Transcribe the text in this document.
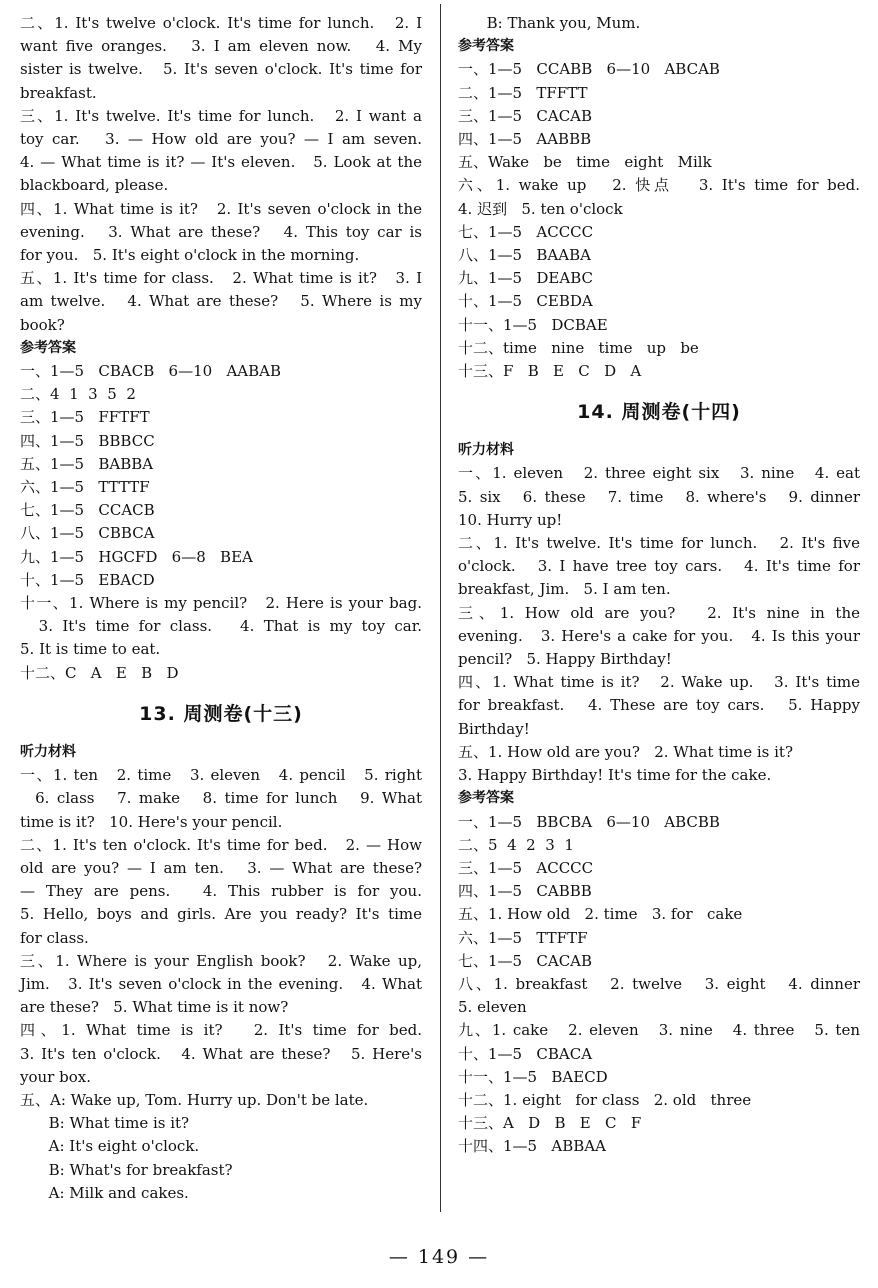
二、1. It's twelve o'clock. It's time for lunch.   2. I
want five oranges.   3. I am eleven now.   4. My
sister is twelve.   5. It's seven o'clock. It's time for
breakfast.
三、1. It's twelve. It's time for lunch.   2. I want a
toy car.   3. — How old are you? — I am seven.
4. — What time is it? — It's eleven.   5. Look at the
blackboard, please.
四、1. What time is it?   2. It's seven o'clock in the
evening.   3. What are these?   4. This toy car is
for you.   5. It's eight o'clock in the morning.
五、1. It's time for class.   2. What time is it?   3. I
am twelve.   4. What are these?   5. Where is my
book?
参考答案
一、1—5   CBACB   6—10   AABAB
二、4  1  3  5  2
三、1—5   FFTFT
四、1—5   BBBCC
五、1—5   BABBA
六、1—5   TTTTF
七、1—5   CCACB
八、1—5   CBBCA
九、1—5   HGCFD   6—8   BEA
十、1—5   EBACD
十一、1. Where is my pencil?   2. Here is your bag.
3. It's time for class.   4. That is my toy car.
5. It is time to eat.
十二、C   A   E   B   D
13. 周测卷(十三)
听力材料
一、1. ten   2. time   3. eleven   4. pencil   5. right
6. class   7. make   8. time for lunch   9. What
time is it?   10. Here's your pencil.
二、1. It's ten o'clock. It's time for bed.   2. — How
old are you? — I am ten.   3. — What are these?
— They are pens.   4. This rubber is for you.
5. Hello, boys and girls. Are you ready? It's time
for class.
三、1. Where is your English book?   2. Wake up,
Jim.   3. It's seven o'clock in the evening.   4. What
are these?   5. What time is it now?
四、1. What time is it?   2. It's time for bed.
3. It's ten o'clock.   4. What are these?   5. Here's
your box.
五、A: Wake up, Tom. Hurry up. Don't be late.
B: What time is it?
A: It's eight o'clock.
B: What's for breakfast?
A: Milk and cakes.
B: Thank you, Mum.
参考答案
一、1—5   CCABB   6—10   ABCAB
二、1—5   TFFTT
三、1—5   CACAB
四、1—5   AABBB
五、Wake   be   time   eight   Milk
六、1. wake up   2. 快点   3. It's time for bed.
4. 迟到   5. ten o'clock
七、1—5   ACCCC
八、1—5   BAABA
九、1—5   DEABC
十、1—5   CEBDA
十一、1—5   DCBAE
十二、time   nine   time   up   be
十三、F   B   E   C   D   A
14. 周测卷(十四)
听力材料
一、1. eleven   2. three eight six   3. nine   4. eat
5. six   6. these   7. time   8. where's   9. dinner
10. Hurry up!
二、1. It's twelve. It's time for lunch.   2. It's five
o'clock.   3. I have tree toy cars.   4. It's time for
breakfast, Jim.   5. I am ten.
三、1. How old are you?   2. It's nine in the
evening.   3. Here's a cake for you.   4. Is this your
pencil?   5. Happy Birthday!
四、1. What time is it?   2. Wake up.   3. It's time
for breakfast.   4. These are toy cars.   5. Happy
Birthday!
五、1. How old are you?   2. What time is it?
3. Happy Birthday! It's time for the cake.
参考答案
一、1—5   BBCBA   6—10   ABCBB
二、5  4  2  3  1
三、1—5   ACCCC
四、1—5   CABBB
五、1. How old   2. time   3. for   cake
六、1—5   TTFTF
七、1—5   CACAB
八、1. breakfast   2. twelve   3. eight   4. dinner
5. eleven
九、1. cake   2. eleven   3. nine   4. three   5. ten
十、1—5   CBACA
十一、1—5   BAECD
十二、1. eight   for class   2. old   three
十三、A   D   B   E   C   F
十四、1—5   ABBAA
— 149 —
